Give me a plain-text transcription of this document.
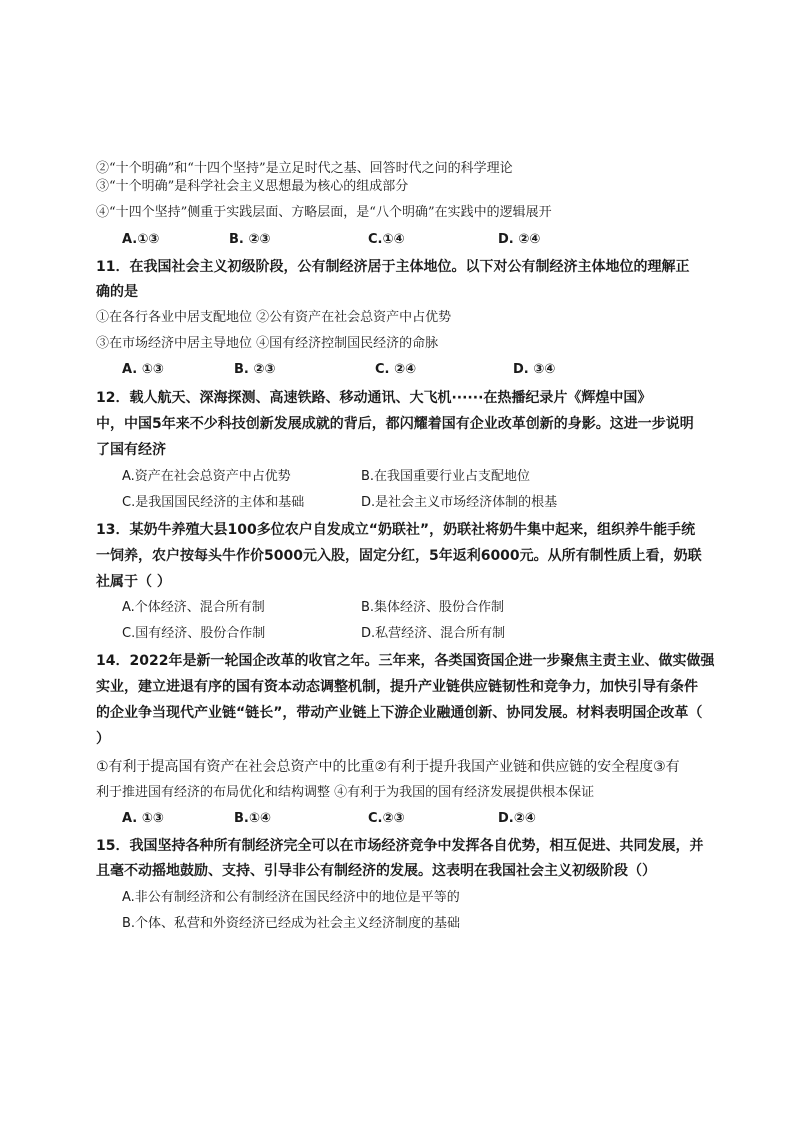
②“十个明确”和“十四个坚持”是立足时代之基、回答时代之问的科学理论
③“十个明确”是科学社会主义思想最为核心的组成部分
④“十四个坚持”侧重于实践层面、方略层面，是“八个明确”在实践中的逻辑展开
A.①③	B. ②③	C.①④	D. ②④
11．在我国社会主义初级阶段，公有制经济居于主体地位。以下对公有制经济主体地位的理解正
确的是
①在各行各业中居支配地位 ②公有资产在社会总资产中占优势
③在市场经济中居主导地位 ④国有经济控制国民经济的命脉
A. ①③	B. ②③	C. ②④	D. ③④
12．载人航天、深海探测、高速铁路、移动通讯、大飞机······在热播纪录片《辉煌中国》
中，中国5年来不少科技创新发展成就的背后，都闪耀着国有企业改革创新的身影。这进一步说明
了国有经济
A.资产在社会总资产中占优势	B.在我国重要行业占支配地位
C.是我国国民经济的主体和基础	D.是社会主义市场经济体制的根基
13．某奶牛养殖大县100多位农户自发成立“奶联社”，奶联社将奶牛集中起来，组织养牛能手统
一饲养，农户按每头牛作价5000元入股，固定分红，5年返利6000元。从所有制性质上看，奶联
社属于（ ）
A.个体经济、混合所有制	B.集体经济、股份合作制
C.国有经济、股份合作制	D.私营经济、混合所有制
14．2022年是新一轮国企改革的收官之年。三年来，各类国资国企进一步聚焦主责主业、做实做强
实业，建立进退有序的国有资本动态调整机制，提升产业链供应链韧性和竞争力，加快引导有条件
的企业争当现代产业链“链长”，带动产业链上下游企业融通创新、协同发展。材料表明国企改革（
）
①有利于提高国有资产在社会总资产中的比重②有利于提升我国产业链和供应链的安全程度③有
利于推进国有经济的布局优化和结构调整 ④有利于为我国的国有经济发展提供根本保证
A. ①③	B.①④	C.②③	D.②④
15．我国坚持各种所有制经济完全可以在市场经济竞争中发挥各自优势，相互促进、共同发展，并
且毫不动摇地鼓励、支持、引导非公有制经济的发展。这表明在我国社会主义初级阶段（）
A.非公有制经济和公有制经济在国民经济中的地位是平等的
B.个体、私营和外资经济已经成为社会主义经济制度的基础
